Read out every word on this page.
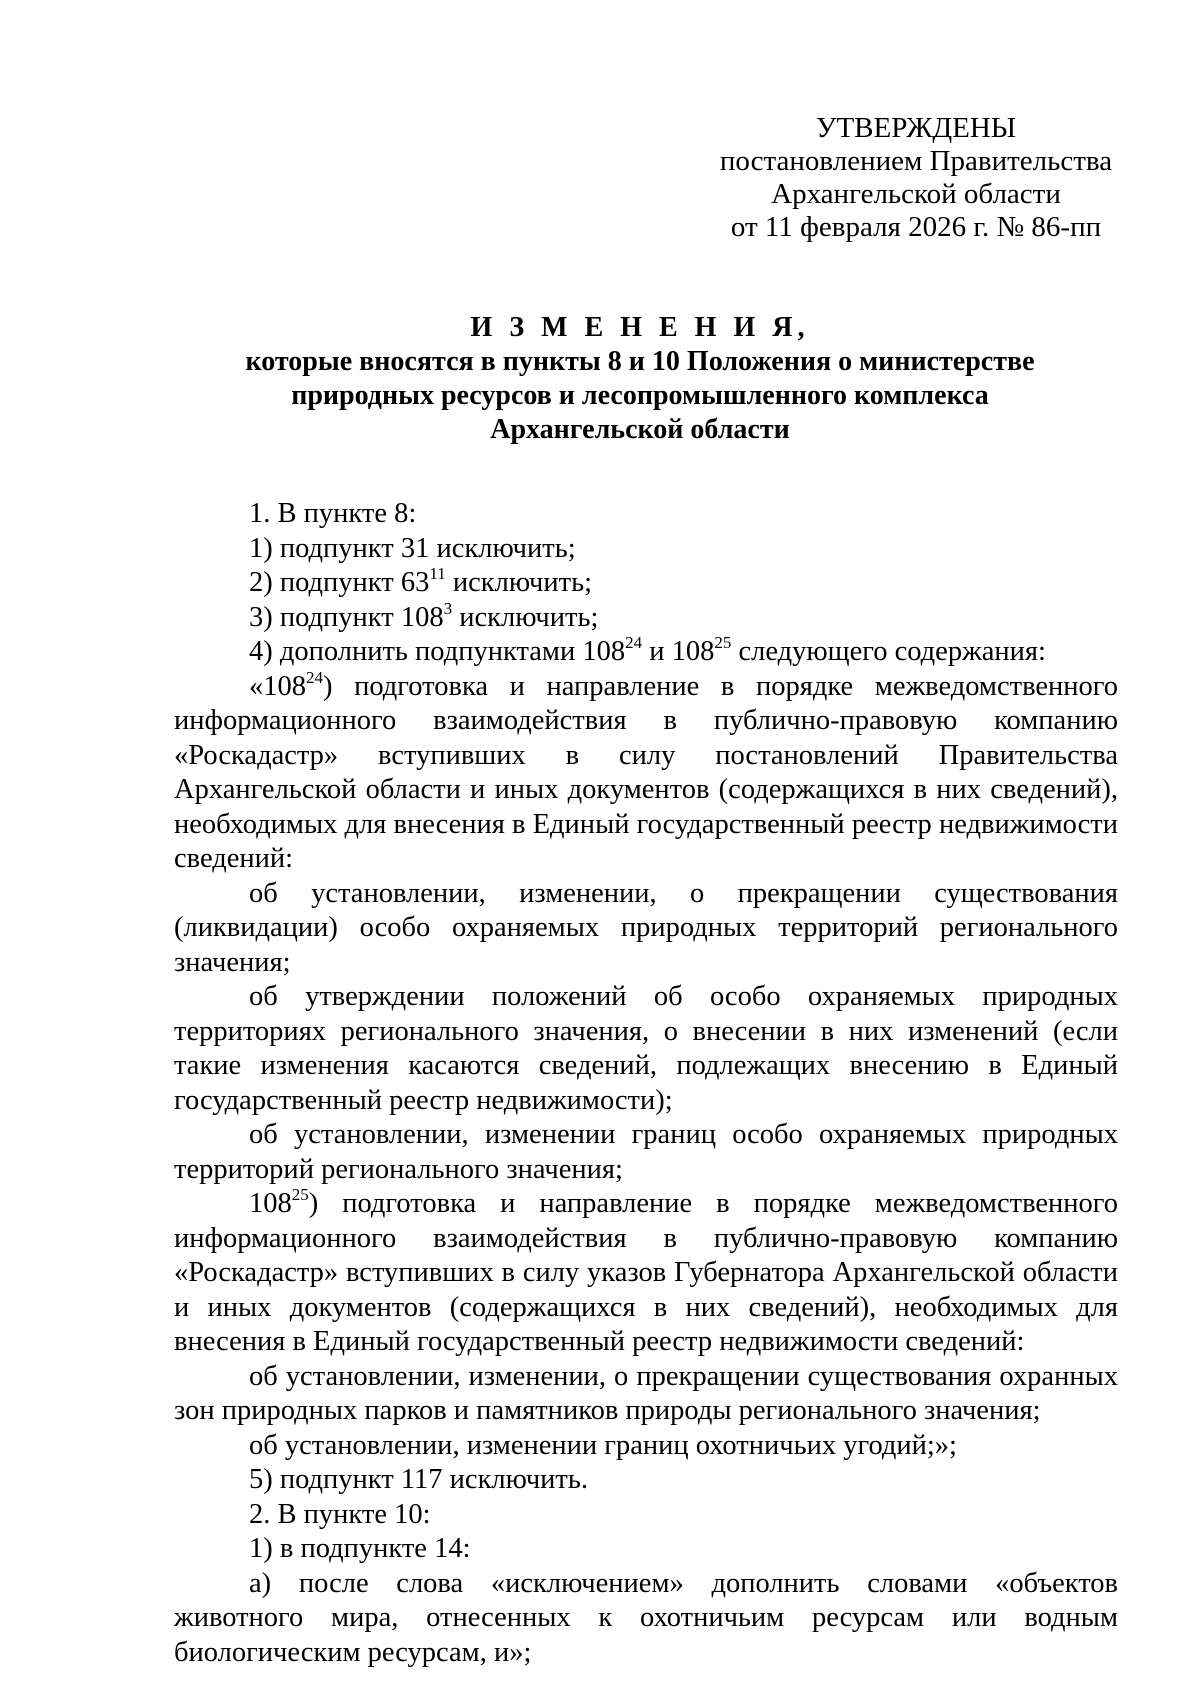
УТВЕРЖДЕНЫ
постановлением Правительства
Архангельской области
от 11 февраля 2026 г. № 86-пп
И З М Е Н Е Н И Я,
которые вносятся в пункты 8 и 10 Положения о министерстве
природных ресурсов и лесопромышленного комплекса
Архангельской области

1. В пункте 8:

1) подпункт 31 исключить;

2) подпункт $63^{11}$ исключить;

3) подпункт $108^3$ исключить;

4) дополнить подпунктами $108^{24}$ и $108^{25}$ следующего содержания:

«$108^{24}$) подготовка и направление в порядке межведомственного информационного взаимодействия в публично-правовую компанию «Роскадастр» вступивших в силу постановлений Правительства Архангельской области и иных документов (содержащихся в них сведений), необходимых для внесения в Единый государственный реестр недвижимости сведений:

об установлении, изменении, о прекращении существования (ликвидации) особо охраняемых природных территорий регионального значения;

об утверждении положений об особо охраняемых природных территориях регионального значения, о внесении в них изменений (если такие изменения касаются сведений, подлежащих внесению в Единый государственный реестр недвижимости);

об установлении, изменении границ особо охраняемых природных территорий регионального значения;

$108^{25}$) подготовка и направление в порядке межведомственного информационного взаимодействия в публично-правовую компанию «Роскадастр» вступивших в силу указов Губернатора Архангельской области и иных документов (содержащихся в них сведений), необходимых для внесения в Единый государственный реестр недвижимости сведений:

об установлении, изменении, о прекращении существования охранных зон природных парков и памятников природы регионального значения;

об установлении, изменении границ охотничьих угодий;»;

5) подпункт 117 исключить.

2. В пункте 10:

1) в подпункте 14:

а) после слова «исключением» дополнить словами «объектов животного мира, отнесенных к охотничьим ресурсам или водным биологическим ресурсам, и»;
